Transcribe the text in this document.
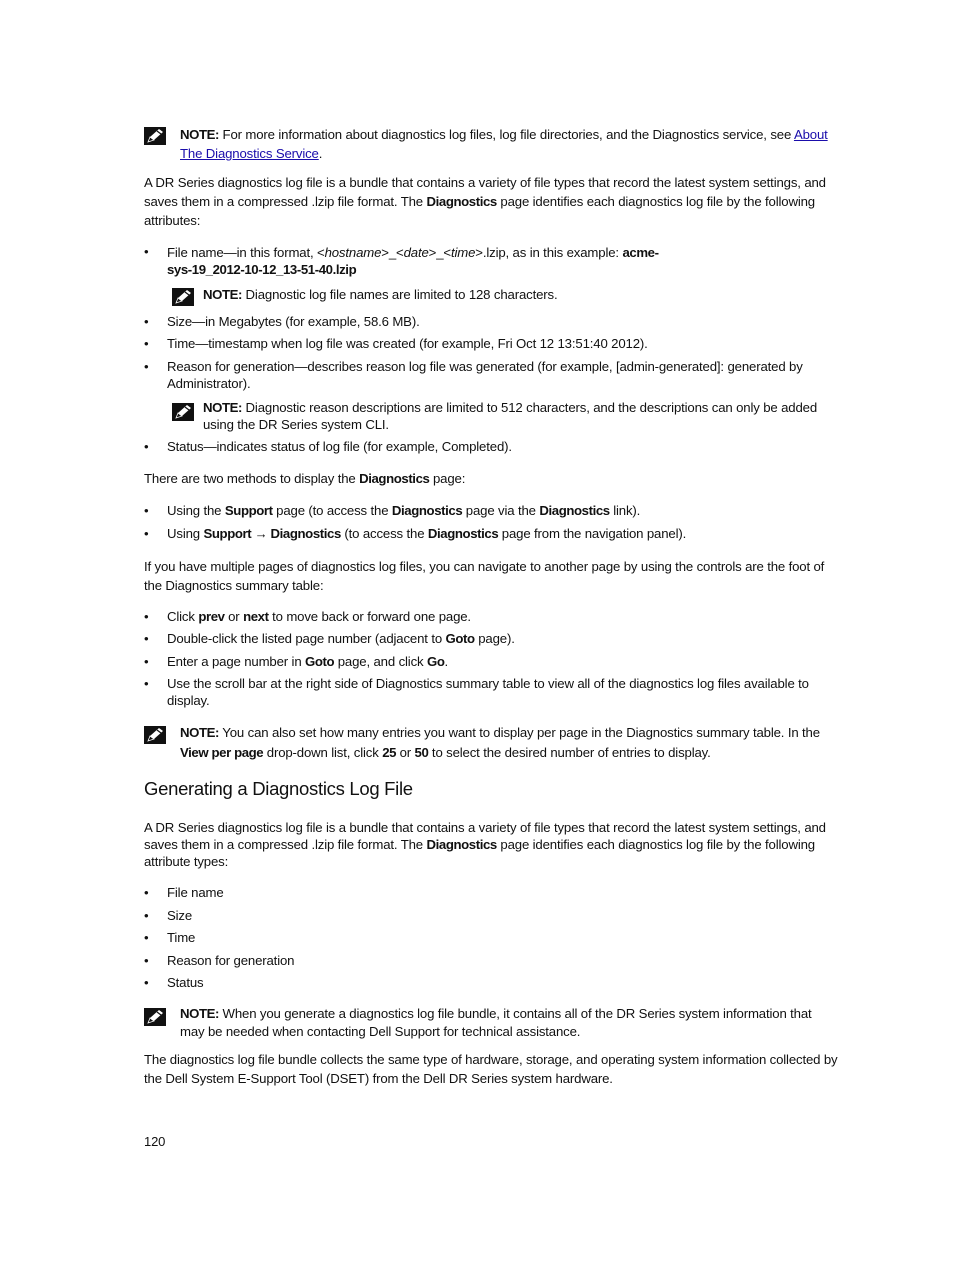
NOTE: For more information about diagnostics log files, log file directories, and the Diagnostics service, see About
The Diagnostics Service.
A DR Series diagnostics log file is a bundle that contains a variety of file types that record the latest system settings, and saves them in a compressed .lzip file format. The Diagnostics page identifies each diagnostics log file by the following attributes:
• File name—in this format, <hostname>_<date>_<time>.lzip, as in this example: acme-
sys-19_2012-10-12_13-51-40.lzip
NOTE: Diagnostic log file names are limited to 128 characters.
• Size—in Megabytes (for example, 58.6 MB).
• Time—timestamp when log file was created (for example, Fri Oct 12 13:51:40 2012).
• Reason for generation—describes reason log file was generated (for example, [admin-generated]: generated by Administrator).
NOTE: Diagnostic reason descriptions are limited to 512 characters, and the descriptions can only be added using the DR Series system CLI.
• Status—indicates status of log file (for example, Completed).
There are two methods to display the Diagnostics page:
• Using the Support page (to access the Diagnostics page via the Diagnostics link).
• Using Support → Diagnostics (to access the Diagnostics page from the navigation panel).
If you have multiple pages of diagnostics log files, you can navigate to another page by using the controls are the foot of the Diagnostics summary table:
• Click prev or next to move back or forward one page.
• Double-click the listed page number (adjacent to Goto page).
• Enter a page number in Goto page, and click Go.
• Use the scroll bar at the right side of Diagnostics summary table to view all of the diagnostics log files available to display.
NOTE: You can also set how many entries you want to display per page in the Diagnostics summary table. In the View per page drop-down list, click 25 or 50 to select the desired number of entries to display.
Generating a Diagnostics Log File
A DR Series diagnostics log file is a bundle that contains a variety of file types that record the latest system settings, and saves them in a compressed .lzip file format. The Diagnostics page identifies each diagnostics log file by the following attribute types:
• File name
• Size
• Time
• Reason for generation
• Status
NOTE: When you generate a diagnostics log file bundle, it contains all of the DR Series system information that may be needed when contacting Dell Support for technical assistance.
The diagnostics log file bundle collects the same type of hardware, storage, and operating system information collected by the Dell System E-Support Tool (DSET) from the Dell DR Series system hardware.
120
